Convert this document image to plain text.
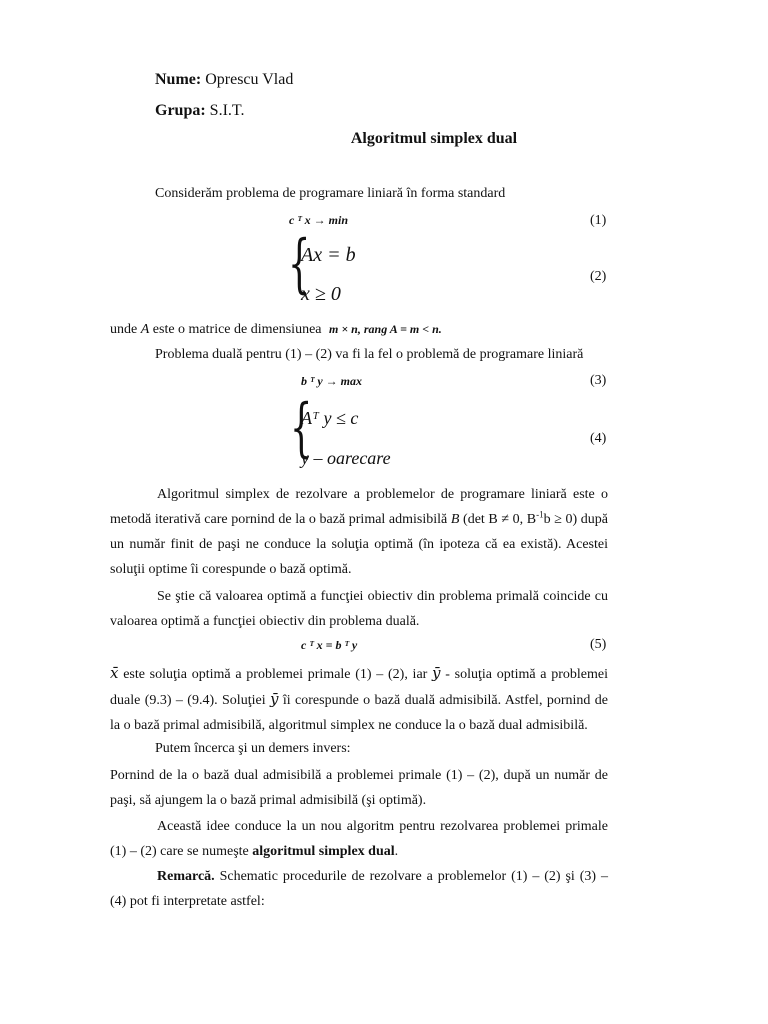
Nume: Oprescu Vlad
Grupa: S.I.T.
Algoritmul simplex dual
Considerăm problema de programare liniară în forma standard
c ᵀ x → min	(1)
{
Ax = b
x ≥ 0
(2)
unde A este o matrice de dimensiunea m × n, rang A = m < n.
Problema duală pentru (1) – (2) va fi la fel o problemă de programare liniară
b ᵀ y → max	(3)
{
Aᵀ y ≤ c
y – oarecare
(4)
Algoritmul simplex de rezolvare a problemelor de programare liniară este o metodă iterativă care pornind de la o bază primal admisibilă B (det B ≠ 0, $B^{-1}b \ge 0$) după un număr finit de paşi ne conduce la soluţia optimă (în ipoteza că ea există). Acestei soluţii optime îi corespunde o bază optimă.
Se ştie că valoarea optimă a funcţiei obiectiv din problema primală coincide cu valoarea optimă a funcţiei obiectiv din problema duală.
c ᵀ x = b ᵀ y	(5)
x̄ este soluţia optimă a problemei primale (1) – (2), iar ȳ - soluţia optimă a problemei duale (9.3) – (9.4). Soluţiei ȳ îi corespunde o bază duală admisibilă. Astfel, pornind de la o bază primal admisibilă, algoritmul simplex ne conduce la o bază dual admisibilă.
Putem încerca şi un demers invers:
Pornind de la o bază dual admisibilă a problemei primale (1) – (2), după un număr de paşi, să ajungem la o bază primal admisibilă (şi optimă).
Această idee conduce la un nou algoritm pentru rezolvarea problemei primale (1) – (2) care se numeşte algoritmul simplex dual.
Remarcă. Schematic procedurile de rezolvare a problemelor (1) – (2) şi (3) – (4) pot fi interpretate astfel:
